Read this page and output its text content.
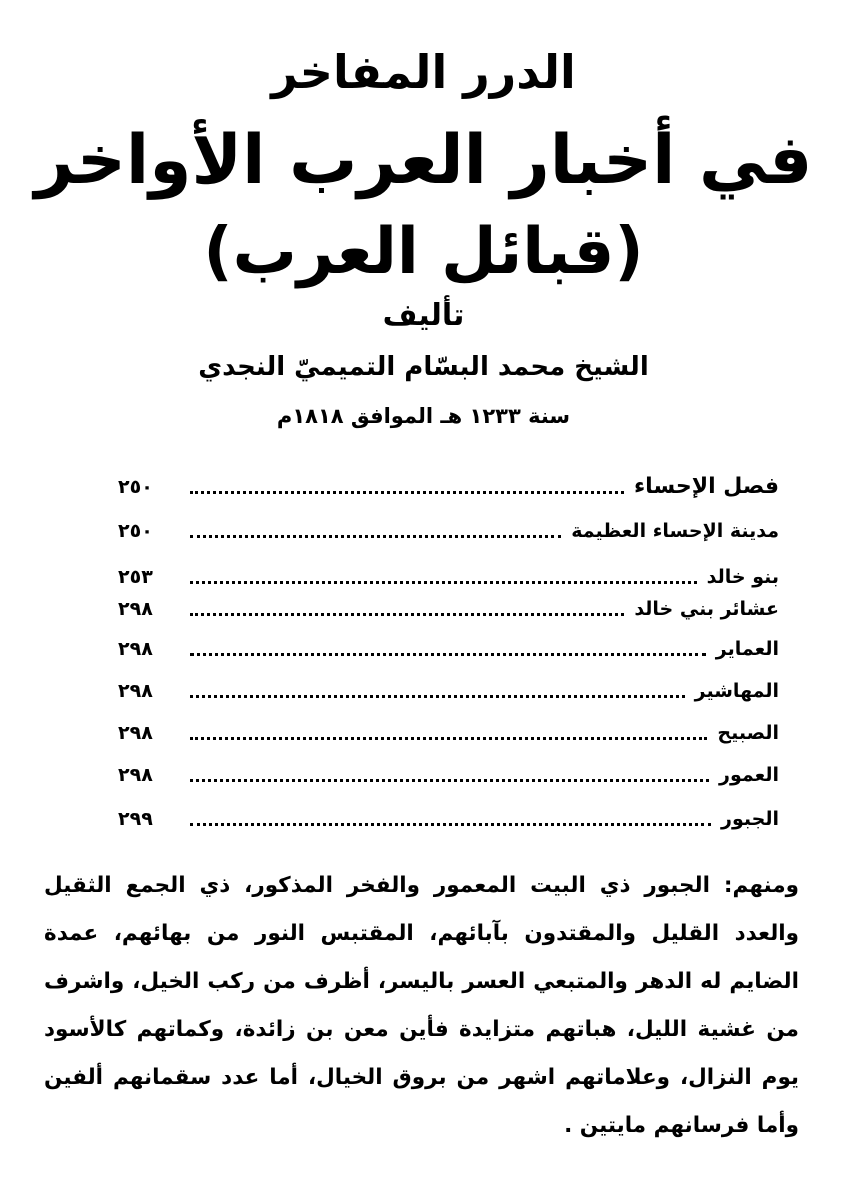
الدرر المفاخر
في أخبار العرب الأواخر
(قبائل العرب)
تأليف
الشيخ محمد البسّام التميميّ النجدي
سنة ١٢٣٣ هـ الموافق ١٨١٨م
فصل الإحساء
٢٥٠
مدينة الإحساء العظيمة
٢٥٠
بنو خالد
٢٥٣
عشائر بني خالد
٢٩٨
العماير
٢٩٨
المهاشير
٢٩٨
الصبيح
٢٩٨
العمور
٢٩٨
الجبور
٢٩٩
ومنهم: الجبور ذي البيت المعمور والفخر المذكور، ذي الجمع الثقيل والعدد القليل والمقتدون بآبائهم، المقتبس النور من بهائهم، عمدة الضايم له الدهر والمتبعي العسر باليسر، أظرف من ركب الخيل، واشرف من غشية الليل، هباتهم متزايدة فأين معن بن زائدة، وكماتهم كالأسود يوم النزال، وعلاماتهم اشهر من بروق الخيال، أما عدد سقمانهم ألفين وأما فرسانهم مايتين .
